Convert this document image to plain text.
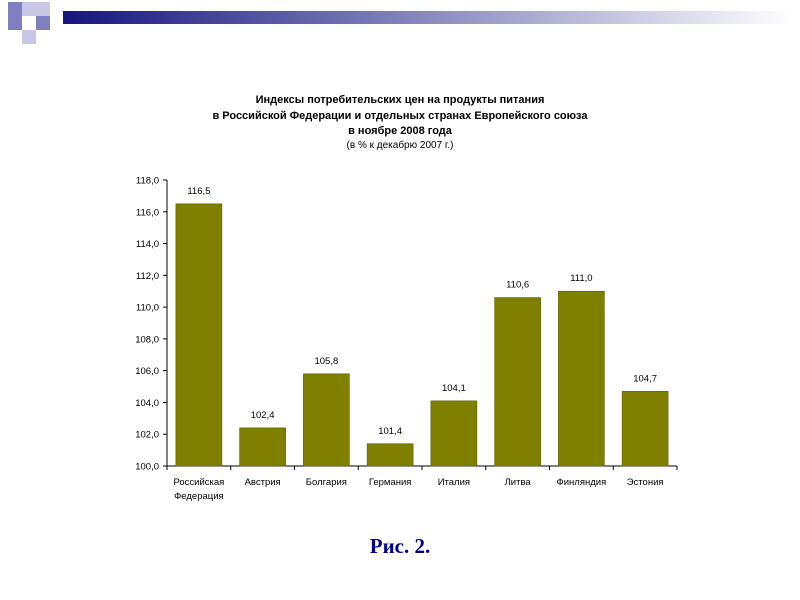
Индексы потребительских цен на продукты питания
в Российской Федерации и отдельных странах Европейского союза
в ноябре 2008 года
(в % к декабрю 2007 г.)
100,0
102,0
104,0
106,0
108,0
110,0
112,0
114,0
116,0
118,0
116,5
Российская
Федерация
102,4
Австрия
105,8
Болгария
101,4
Германия
104,1
Италия
110,6
Литва
111,0
Финляндия
104,7
Эстония
Рис. 2.
